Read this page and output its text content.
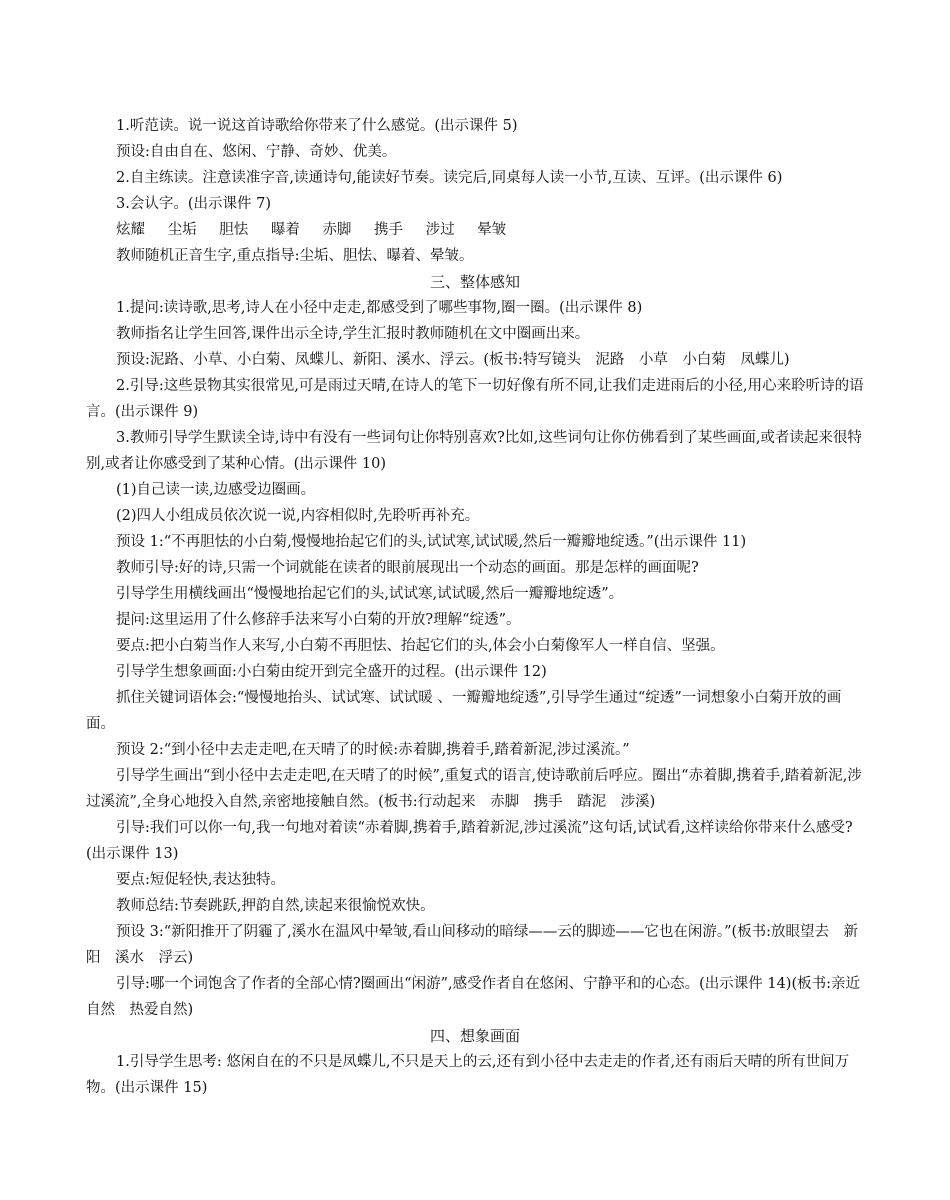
1.听范读。说一说这首诗歌给你带来了什么感觉。(出示课件 5)

预设:自由自在、悠闲、宁静、奇妙、优美。

2.自主练读。注意读准字音,读通诗句,能读好节奏。读完后,同桌每人读一小节,互读、互评。(出示课件 6)

3.会认字。(出示课件 7)

炫耀 尘垢 胆怯 曝着 赤脚 携手 涉过 晕皱

教师随机正音生字,重点指导:尘垢、胆怯、曝着、晕皱。

三、整体感知

1.提问:读诗歌,思考,诗人在小径中走走,都感受到了哪些事物,圈一圈。(出示课件 8)

教师指名让学生回答,课件出示全诗,学生汇报时教师随机在文中圈画出来。

预设:泥路、小草、小白菊、凤蝶儿、新阳、溪水、浮云。(板书:特写镜头　泥路　小草　小白菊　凤蝶儿)

2.引导:这些景物其实很常见,可是雨过天晴,在诗人的笔下一切好像有所不同,让我们走进雨后的小径,用心来聆听诗的语言。(出示课件 9)

3.教师引导学生默读全诗,诗中有没有一些词句让你特别喜欢?比如,这些词句让你仿佛看到了某些画面,或者读起来很特别,或者让你感受到了某种心情。(出示课件 10)

(1)自己读一读,边感受边圈画。

(2)四人小组成员依次说一说,内容相似时,先聆听再补充。

预设 1:“不再胆怯的小白菊,慢慢地抬起它们的头,试试寒,试试暖,然后一瓣瓣地绽透。”(出示课件 11)

教师引导:好的诗,只需一个词就能在读者的眼前展现出一个动态的画面。那是怎样的画面呢?

引导学生用横线画出“慢慢地抬起它们的头,试试寒,试试暖,然后一瓣瓣地绽透”。

提问:这里运用了什么修辞手法来写小白菊的开放?理解“绽透”。

要点:把小白菊当作人来写,小白菊不再胆怯、抬起它们的头,体会小白菊像军人一样自信、坚强。

引导学生想象画面:小白菊由绽开到完全盛开的过程。(出示课件 12)

抓住关键词语体会:“慢慢地抬头、试试寒、试试暖 、一瓣瓣地绽透”,引导学生通过“绽透”一词想象小白菊开放的画面。

预设 2:“到小径中去走走吧,在天晴了的时候:赤着脚,携着手,踏着新泥,涉过溪流。”

引导学生画出“到小径中去走走吧,在天晴了的时候”,重复式的语言,使诗歌前后呼应。圈出“赤着脚,携着手,踏着新泥,涉过溪流”,全身心地投入自然,亲密地接触自然。(板书:行动起来　赤脚　携手　踏泥　涉溪)

引导:我们可以你一句,我一句地对着读“赤着脚,携着手,踏着新泥,涉过溪流”这句话,试试看,这样读给你带来什么感受?(出示课件 13)

要点:短促轻快,表达独特。

教师总结:节奏跳跃,押韵自然,读起来很愉悦欢快。

预设 3:“新阳推开了阴霾了,溪水在温风中晕皱,看山间移动的暗绿——云的脚迹——它也在闲游。”(板书:放眼望去　新阳　溪水　浮云)

引导:哪一个词饱含了作者的全部心情?圈画出“闲游”,感受作者自在悠闲、宁静平和的心态。(出示课件 14)(板书:亲近自然　热爱自然)

四、想象画面

1.引导学生思考: 悠闲自在的不只是凤蝶儿,不只是天上的云,还有到小径中去走走的作者,还有雨后天晴的所有世间万物。(出示课件 15)
